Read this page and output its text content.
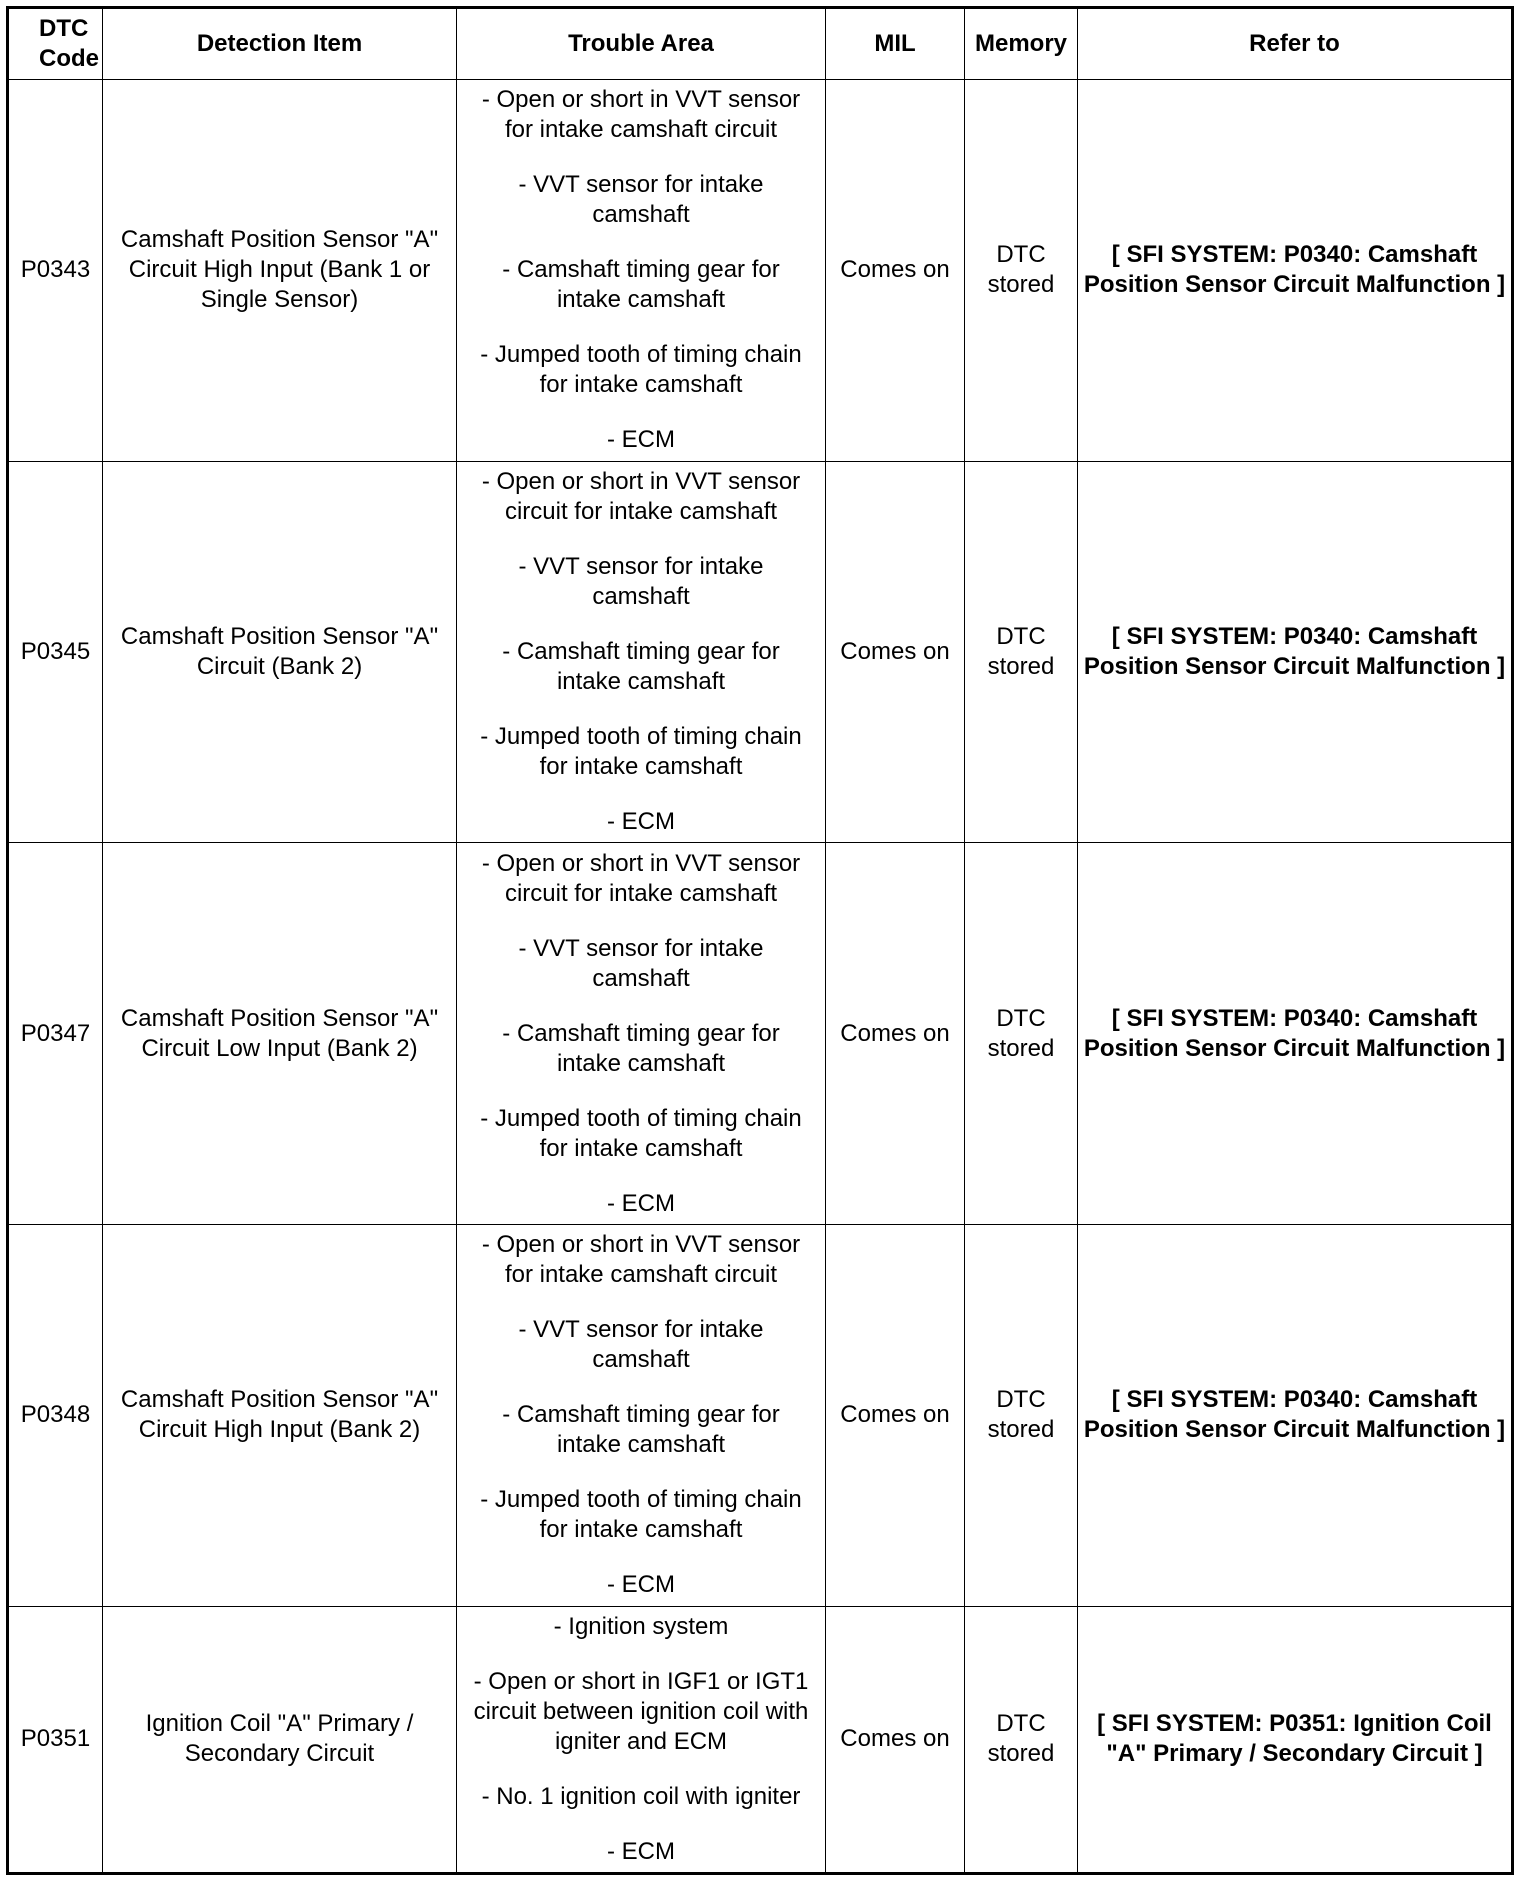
DTC Code	Detection Item	Trouble Area	MIL	Memory	Refer to
P0343	Camshaft Position Sensor "A" Circuit High Input (Bank 1 or Single Sensor)	- Open or short in VVT sensor for intake camshaft circuit
- VVT sensor for intake camshaft
- Camshaft timing gear for intake camshaft
- Jumped tooth of timing chain for intake camshaft
- ECM	Comes on	DTC stored	[ SFI SYSTEM: P0340: Camshaft Position Sensor Circuit Malfunction ]
P0345	Camshaft Position Sensor "A" Circuit (Bank 2)	- Open or short in VVT sensor circuit for intake camshaft
- VVT sensor for intake camshaft
- Camshaft timing gear for intake camshaft
- Jumped tooth of timing chain for intake camshaft
- ECM	Comes on	DTC stored	[ SFI SYSTEM: P0340: Camshaft Position Sensor Circuit Malfunction ]
P0347	Camshaft Position Sensor "A" Circuit Low Input (Bank 2)	- Open or short in VVT sensor circuit for intake camshaft
- VVT sensor for intake camshaft
- Camshaft timing gear for intake camshaft
- Jumped tooth of timing chain for intake camshaft
- ECM	Comes on	DTC stored	[ SFI SYSTEM: P0340: Camshaft Position Sensor Circuit Malfunction ]
P0348	Camshaft Position Sensor "A" Circuit High Input (Bank 2)	- Open or short in VVT sensor for intake camshaft circuit
- VVT sensor for intake camshaft
- Camshaft timing gear for intake camshaft
- Jumped tooth of timing chain for intake camshaft
- ECM	Comes on	DTC stored	[ SFI SYSTEM: P0340: Camshaft Position Sensor Circuit Malfunction ]
P0351	Ignition Coil "A" Primary / Secondary Circuit	- Ignition system
- Open or short in IGF1 or IGT1 circuit between ignition coil with igniter and ECM
- No. 1 ignition coil with igniter
- ECM	Comes on	DTC stored	[ SFI SYSTEM: P0351: Ignition Coil "A" Primary / Secondary Circuit ]
